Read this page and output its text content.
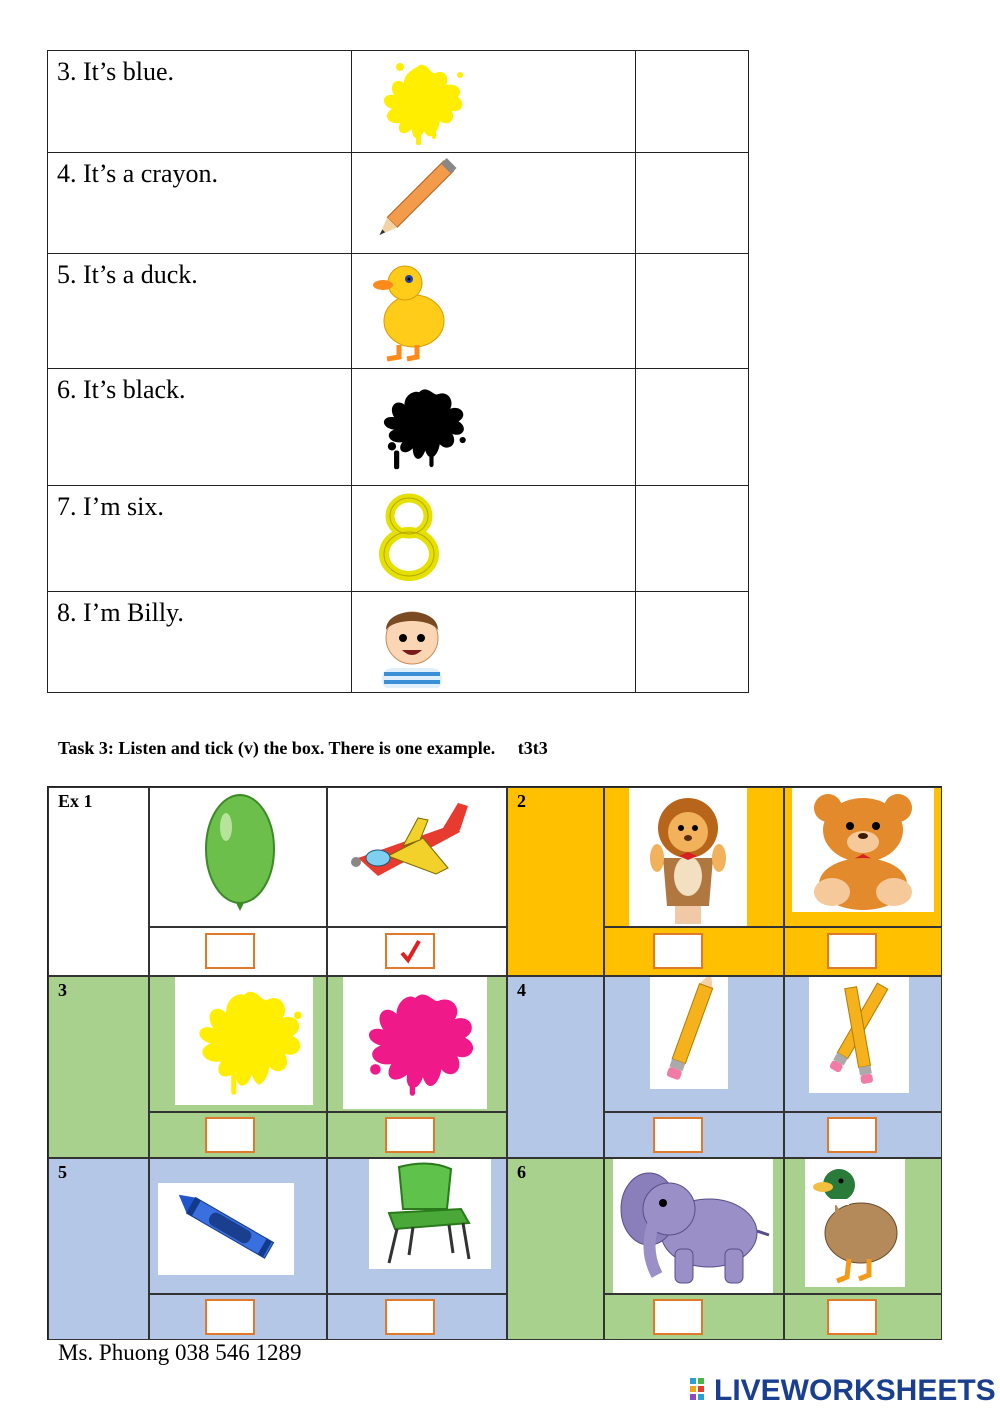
3. It’s blue.	

4. It’s a crayon.	

5. It’s a duck.	

6. It’s black.	

7. I’m six.	

8. I’m Billy.	

Task 3: Listen and tick (v) the box. There is one example. t3t3
Ex 1	2
3	4
5	6
Ms. Phuong 038 546 1289
LIVEWORKSHEETS
